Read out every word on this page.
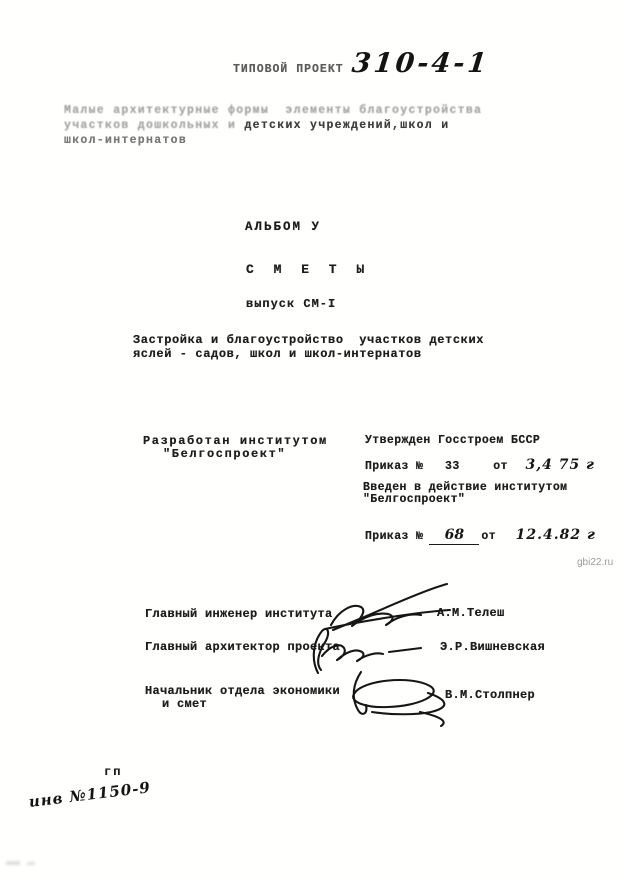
ТИПОВОЙ ПРОЕКТ 310-4-1
Малые архитектурные формы  элементы благоустройства
участков дошкольных и детских учреждений,школ и
школ-интернатов
АЛЬБОМ У
С М Е Т Ы
выпуск СМ-I
Застройка и благоустройство  участков детских
яслей - садов, школ и школ-интернатов
Разработан институтом
"Белгоспроект"
Утвержден Госстроем БССР
Приказ № 33	от 3,4 75 г
Введен в действие институтом
"Белгоспроект"
Приказ № 68 от 12.4.82 г
gbi22.ru
Главный инженер института	А.М.Телеш
Главный архитектор проекта	Э.Р.Вишневская
Начальник отдела экономики
и смет
В.М.Столпнер
гп
инв №1150-9
